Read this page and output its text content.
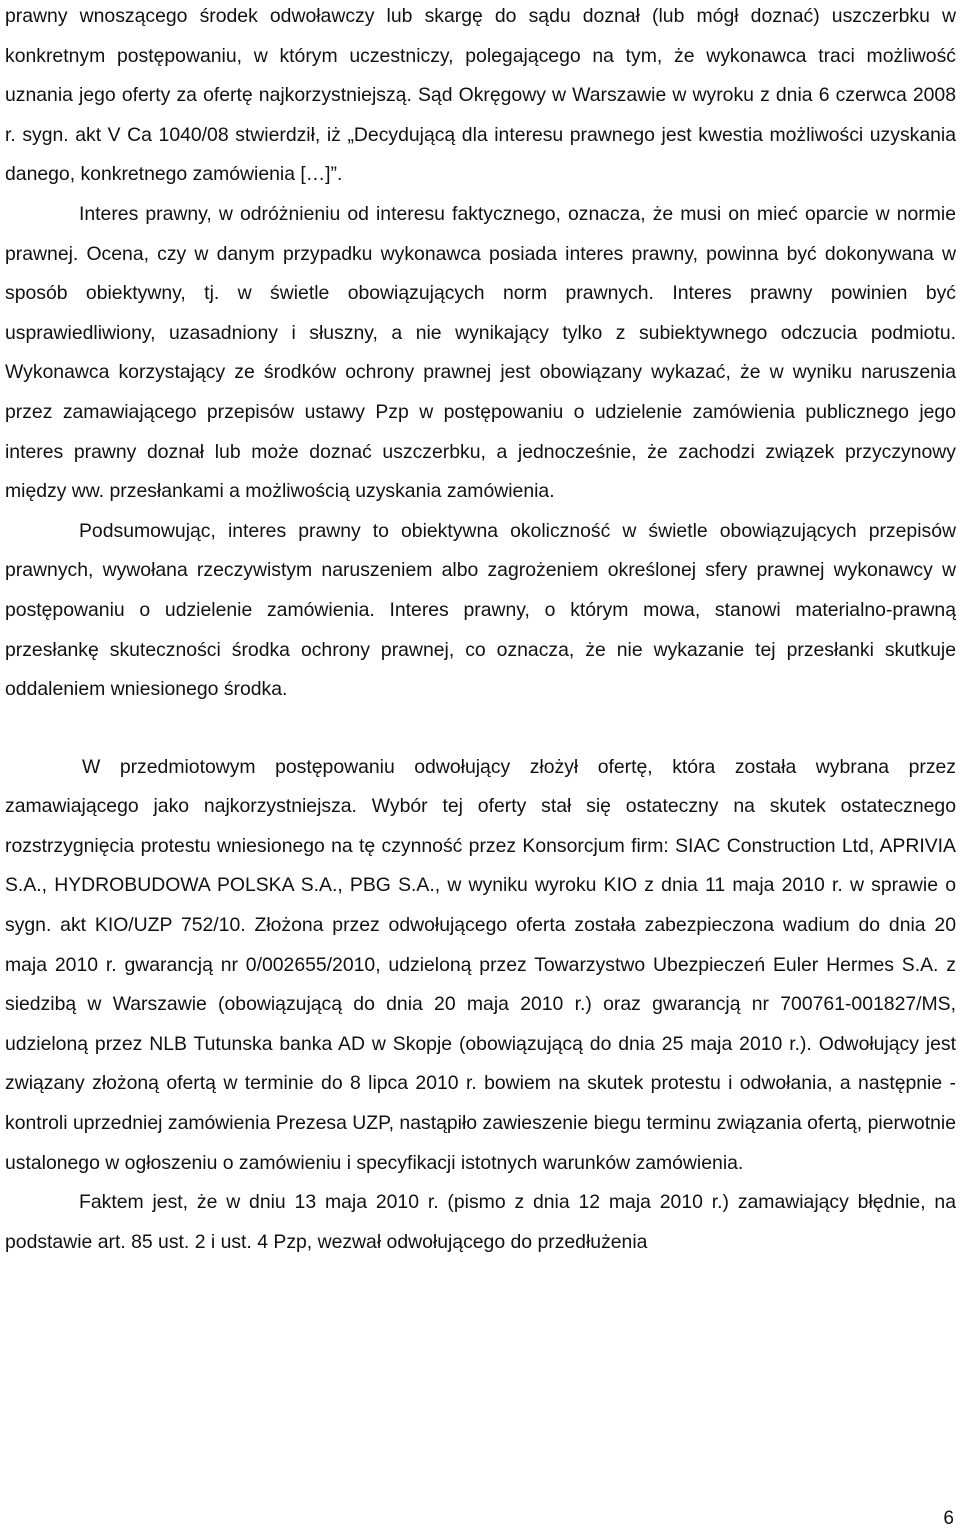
prawny wnoszącego środek odwoławczy lub skargę do sądu doznał (lub mógł doznać) uszczerbku w konkretnym postępowaniu, w którym uczestniczy, polegającego na tym, że wykonawca traci możliwość uznania jego oferty za ofertę najkorzystniejszą. Sąd Okręgowy w Warszawie w wyroku z dnia 6 czerwca 2008 r. sygn. akt V Ca 1040/08 stwierdził, iż „Decydującą dla interesu prawnego jest kwestia możliwości uzyskania danego, konkretnego zamówienia […]”.

Interes prawny, w odróżnieniu od interesu faktycznego, oznacza, że musi on mieć oparcie w normie prawnej. Ocena, czy w danym przypadku wykonawca posiada interes prawny, powinna być dokonywana w sposób obiektywny, tj. w świetle obowiązujących norm prawnych. Interes prawny powinien być usprawiedliwiony, uzasadniony i słuszny, a nie wynikający tylko z subiektywnego odczucia podmiotu. Wykonawca korzystający ze środków ochrony prawnej jest obowiązany wykazać, że w wyniku naruszenia przez zamawiającego przepisów ustawy Pzp w postępowaniu o udzielenie zamówienia publicznego jego interes prawny doznał lub może doznać uszczerbku, a jednocześnie, że zachodzi związek przyczynowy między ww. przesłankami a możliwością uzyskania zamówienia.

Podsumowując, interes prawny to obiektywna okoliczność w świetle obowiązujących przepisów prawnych, wywołana rzeczywistym naruszeniem albo zagrożeniem określonej sfery prawnej wykonawcy w postępowaniu o udzielenie zamówienia. Interes prawny, o którym mowa, stanowi materialno-prawną przesłankę skuteczności środka ochrony prawnej, co oznacza, że nie wykazanie tej przesłanki skutkuje oddaleniem wniesionego środka.

W przedmiotowym postępowaniu odwołujący złożył ofertę, która została wybrana przez zamawiającego jako najkorzystniejsza. Wybór tej oferty stał się ostateczny na skutek ostatecznego rozstrzygnięcia protestu wniesionego na tę czynność przez Konsorcjum firm: SIAC Construction Ltd, APRIVIA S.A., HYDROBUDOWA POLSKA S.A., PBG S.A., w wyniku wyroku KIO z dnia 11 maja 2010 r. w sprawie o sygn. akt KIO/UZP 752/10. Złożona przez odwołującego oferta została zabezpieczona wadium do dnia 20 maja 2010 r. gwarancją nr 0/002655/2010, udzieloną przez Towarzystwo Ubezpieczeń Euler Hermes S.A. z siedzibą w Warszawie (obowiązującą do dnia 20 maja 2010 r.) oraz gwarancją nr 700761-001827/MS, udzieloną przez NLB Tutunska banka AD w Skopje (obowiązującą do dnia 25 maja 2010 r.). Odwołujący jest związany złożoną ofertą w terminie do 8 lipca 2010 r. bowiem na skutek protestu i odwołania, a następnie - kontroli uprzedniej zamówienia Prezesa UZP, nastąpiło zawieszenie biegu terminu związania ofertą, pierwotnie ustalonego w ogłoszeniu o zamówieniu i specyfikacji istotnych warunków zamówienia.

Faktem jest, że w dniu 13 maja 2010 r. (pismo z dnia 12 maja 2010 r.) zamawiający błędnie, na podstawie art. 85 ust. 2 i ust. 4 Pzp, wezwał odwołującego do przedłużenia

6
